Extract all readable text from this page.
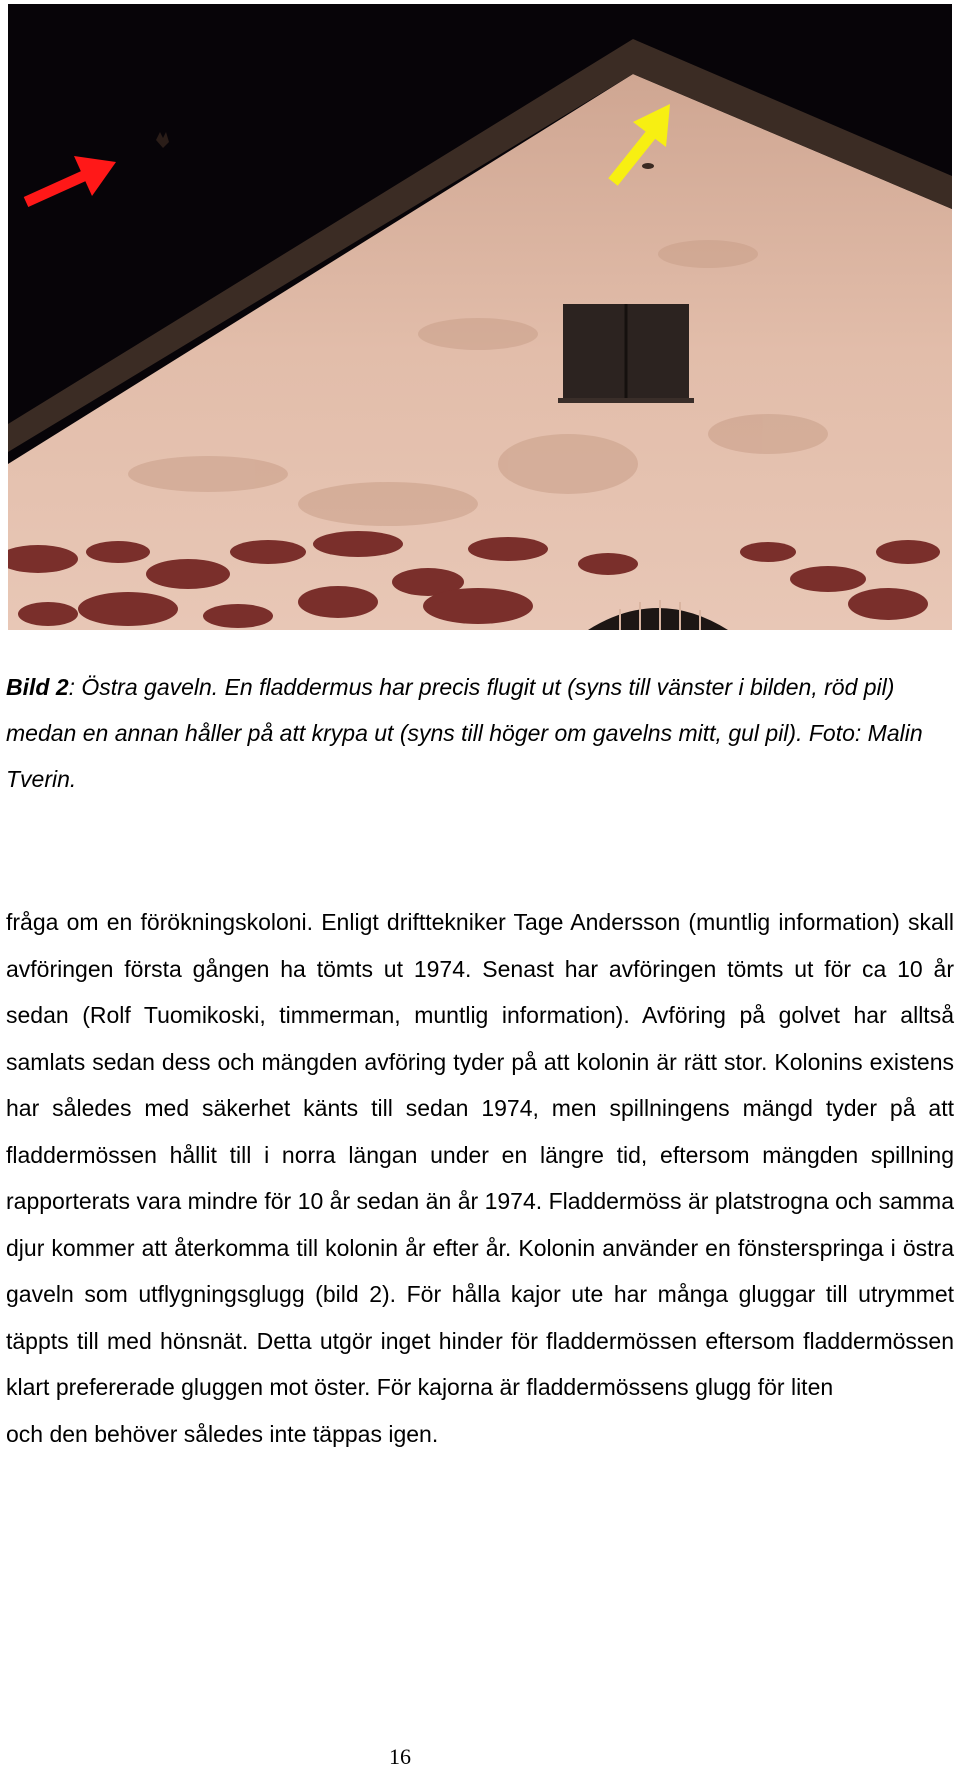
Bild 2: Östra gaveln. En fladdermus har precis flugit ut (syns till vänster i bilden, röd pil) medan en annan håller på att krypa ut (syns till höger om gavelns mitt, gul pil). Foto: Malin Tverin.
fråga om en förökningskoloni. Enligt drifttekniker Tage Andersson (muntlig information) skall avföringen första gången ha tömts ut 1974. Senast har avföringen tömts ut för ca 10 år sedan (Rolf Tuomikoski, timmerman, muntlig information). Avföring på golvet har alltså samlats sedan dess och mängden avföring tyder på att kolonin är rätt stor. Kolonins existens har således med säkerhet känts till sedan 1974, men spillningens mängd tyder på att fladdermössen hållit till i norra längan under en längre tid, eftersom mängden spillning rapporterats vara mindre för 10 år sedan än år 1974. Fladdermöss är platstrogna och samma djur kommer att återkomma till kolonin år efter år. Kolonin använder en fönsterspringa i östra gaveln som utflygningsglugg (bild 2). För hålla kajor ute har många gluggar till utrymmet täppts till med hönsnät. Detta utgör inget hinder för fladdermössen eftersom fladdermössen klart prefererade gluggen mot öster. För kajorna är fladdermössens glugg för liten
och den behöver således inte täppas igen.
16
